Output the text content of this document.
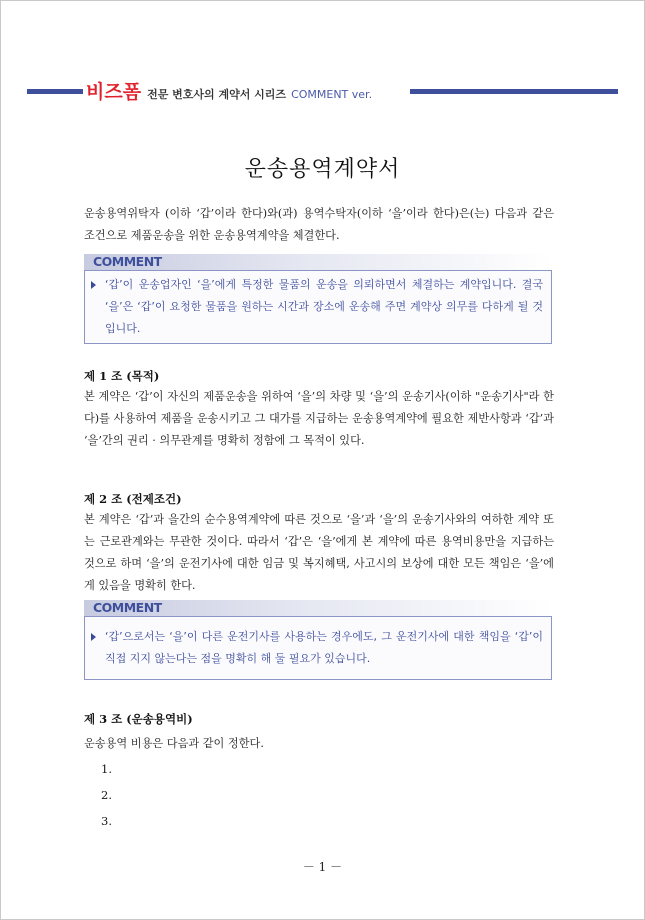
비즈폼 전문 변호사의 계약서 시리즈 COMMENT ver.
운송용역계약서
운송용역위탁자 (이하 ‘갑’이라 한다)와(과) 용역수탁자(이하 ‘을’이라 한다)은(는) 다음과 같은 조건으로 제품운송을 위한 운송용역계약을 체결한다.
COMMENT
‘갑’이 운송업자인 ‘을’에게 특정한 물품의 운송을 의뢰하면서 체결하는 계약입니다. 결국 ‘을’은 ‘갑’이 요청한 물품을 원하는 시간과 장소에 운송해 주면 계약상 의무를 다하게 될 것입니다.
제 1 조 (목적)
본 계약은 ‘갑’이 자신의 제품운송을 위하여 ‘을’의 차량 및 ‘을’의 운송기사(이하 "운송기사"라 한다)를 사용하여 제품을 운송시키고 그 대가를 지급하는 운송용역계약에 필요한 제반사항과 ‘갑’과 ‘을’간의 권리 · 의무관계를 명확히 정함에 그 목적이 있다.
제 2 조 (전제조건)
본 계약은 ‘갑’과 을간의 순수용역계약에 따른 것으로 ‘을’과 ‘을’의 운송기사와의 여하한 계약 또는 근로관계와는 무관한 것이다. 따라서 ‘갑’은 ‘을’에게 본 계약에 따른 용역비용만을 지급하는 것으로 하며 ‘을’의 운전기사에 대한 임금 및 복지혜택, 사고시의 보상에 대한 모든 책임은 ‘을’에게 있음을 명확히 한다.
COMMENT
‘갑’으로서는 ‘을’이 다른 운전기사를 사용하는 경우에도, 그 운전기사에 대한 책임을 ‘갑’이 직접 지지 않는다는 점을 명확히 해 둘 필요가 있습니다.
제 3 조 (운송용역비)
운송용역 비용은 다음과 같이 정한다.
1.
2.
3.
－ 1 －
